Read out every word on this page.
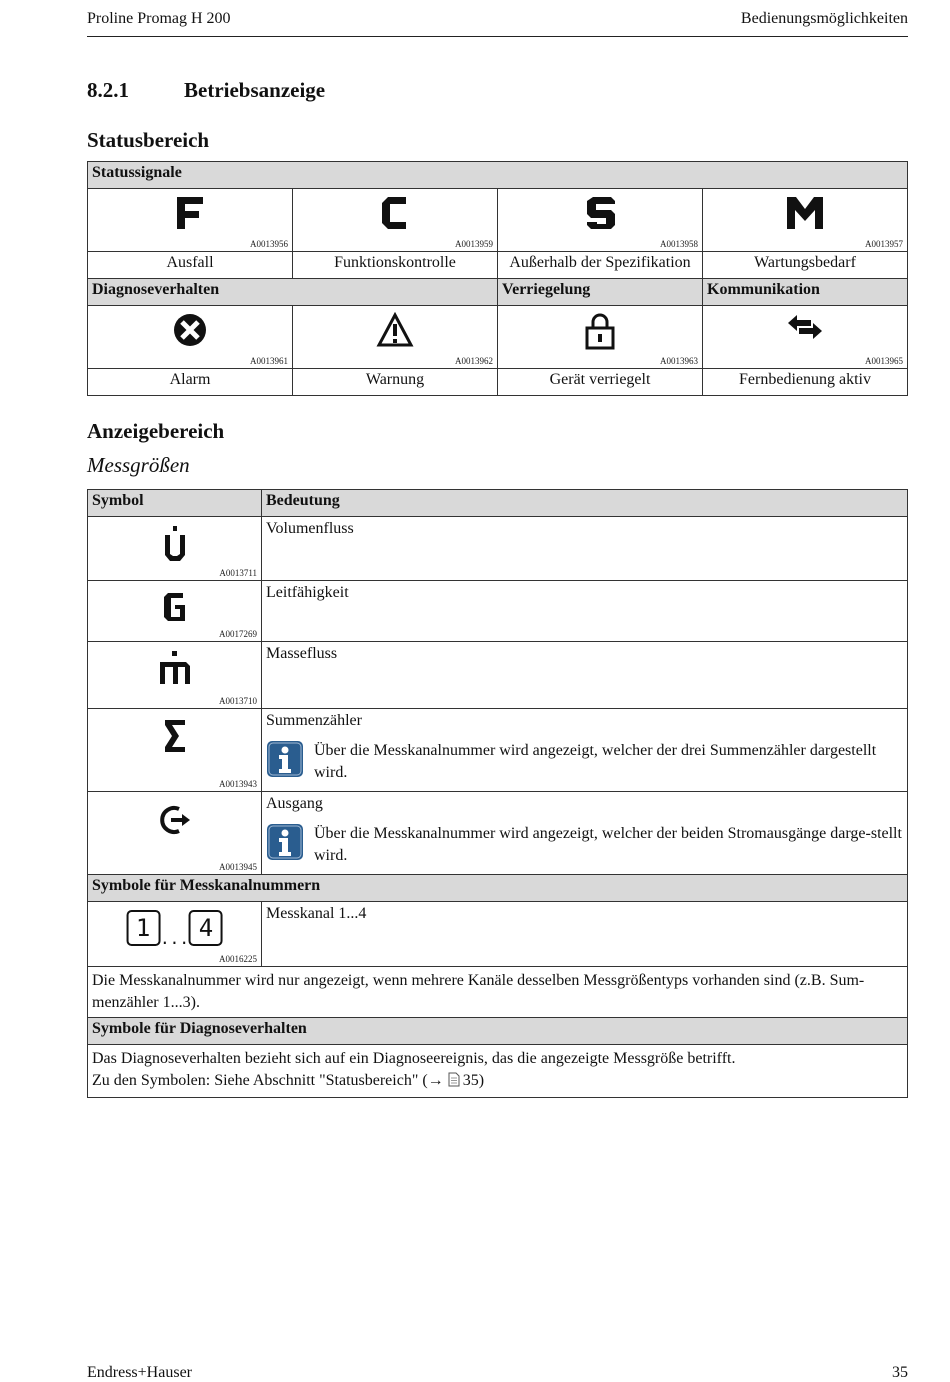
Proline Promag H 200	Bedienungsmöglichkeiten
8.2.1	Betriebsanzeige
Statusbereich
Statussignale			

A0013956	A0013959	A0013958	A0013957

Ausfall	Funktionskontrolle	Außerhalb der Spezifikation	Wartungsbedarf
Diagnoseverhalten		Verriegelung	Kommunikation

A0013961	A0013962	A0013963	A0013965

Alarm	Warnung	Gerät verriegelt	Fernbedienung aktiv
Anzeigebereich
Messgrößen
Symbol	Bedeutung

A0013711	Volumenfluss

A0017269	Leitfähigkeit

A0013710	Massefluss

A0013943	Summenzähler
Über die Messkanalnummer wird angezeigt, welcher der drei Summenzähler dargestellt wird.

A0013945	Ausgang
Über die Messkanalnummer wird angezeigt, welcher der beiden Stromausgänge darge-stellt wird.

Symbole für Messkanalnummern	

1 $_{...}$ 4
A0016225	Messkanal 1...4
Die Messkanalnummer wird nur angezeigt, wenn mehrere Kanäle desselben Messgrößentyps vorhanden sind (z.B. Sum-menzähler 1...3).	
Symbole für Diagnoseverhalten	

Das Diagnoseverhalten bezieht sich auf ein Diagnoseereignis, das die angezeigte Messgröße betrifft.
Zu den Symbolen: Siehe Abschnitt "Statusbereich" (→ 35)	
Endress+Hauser	35
